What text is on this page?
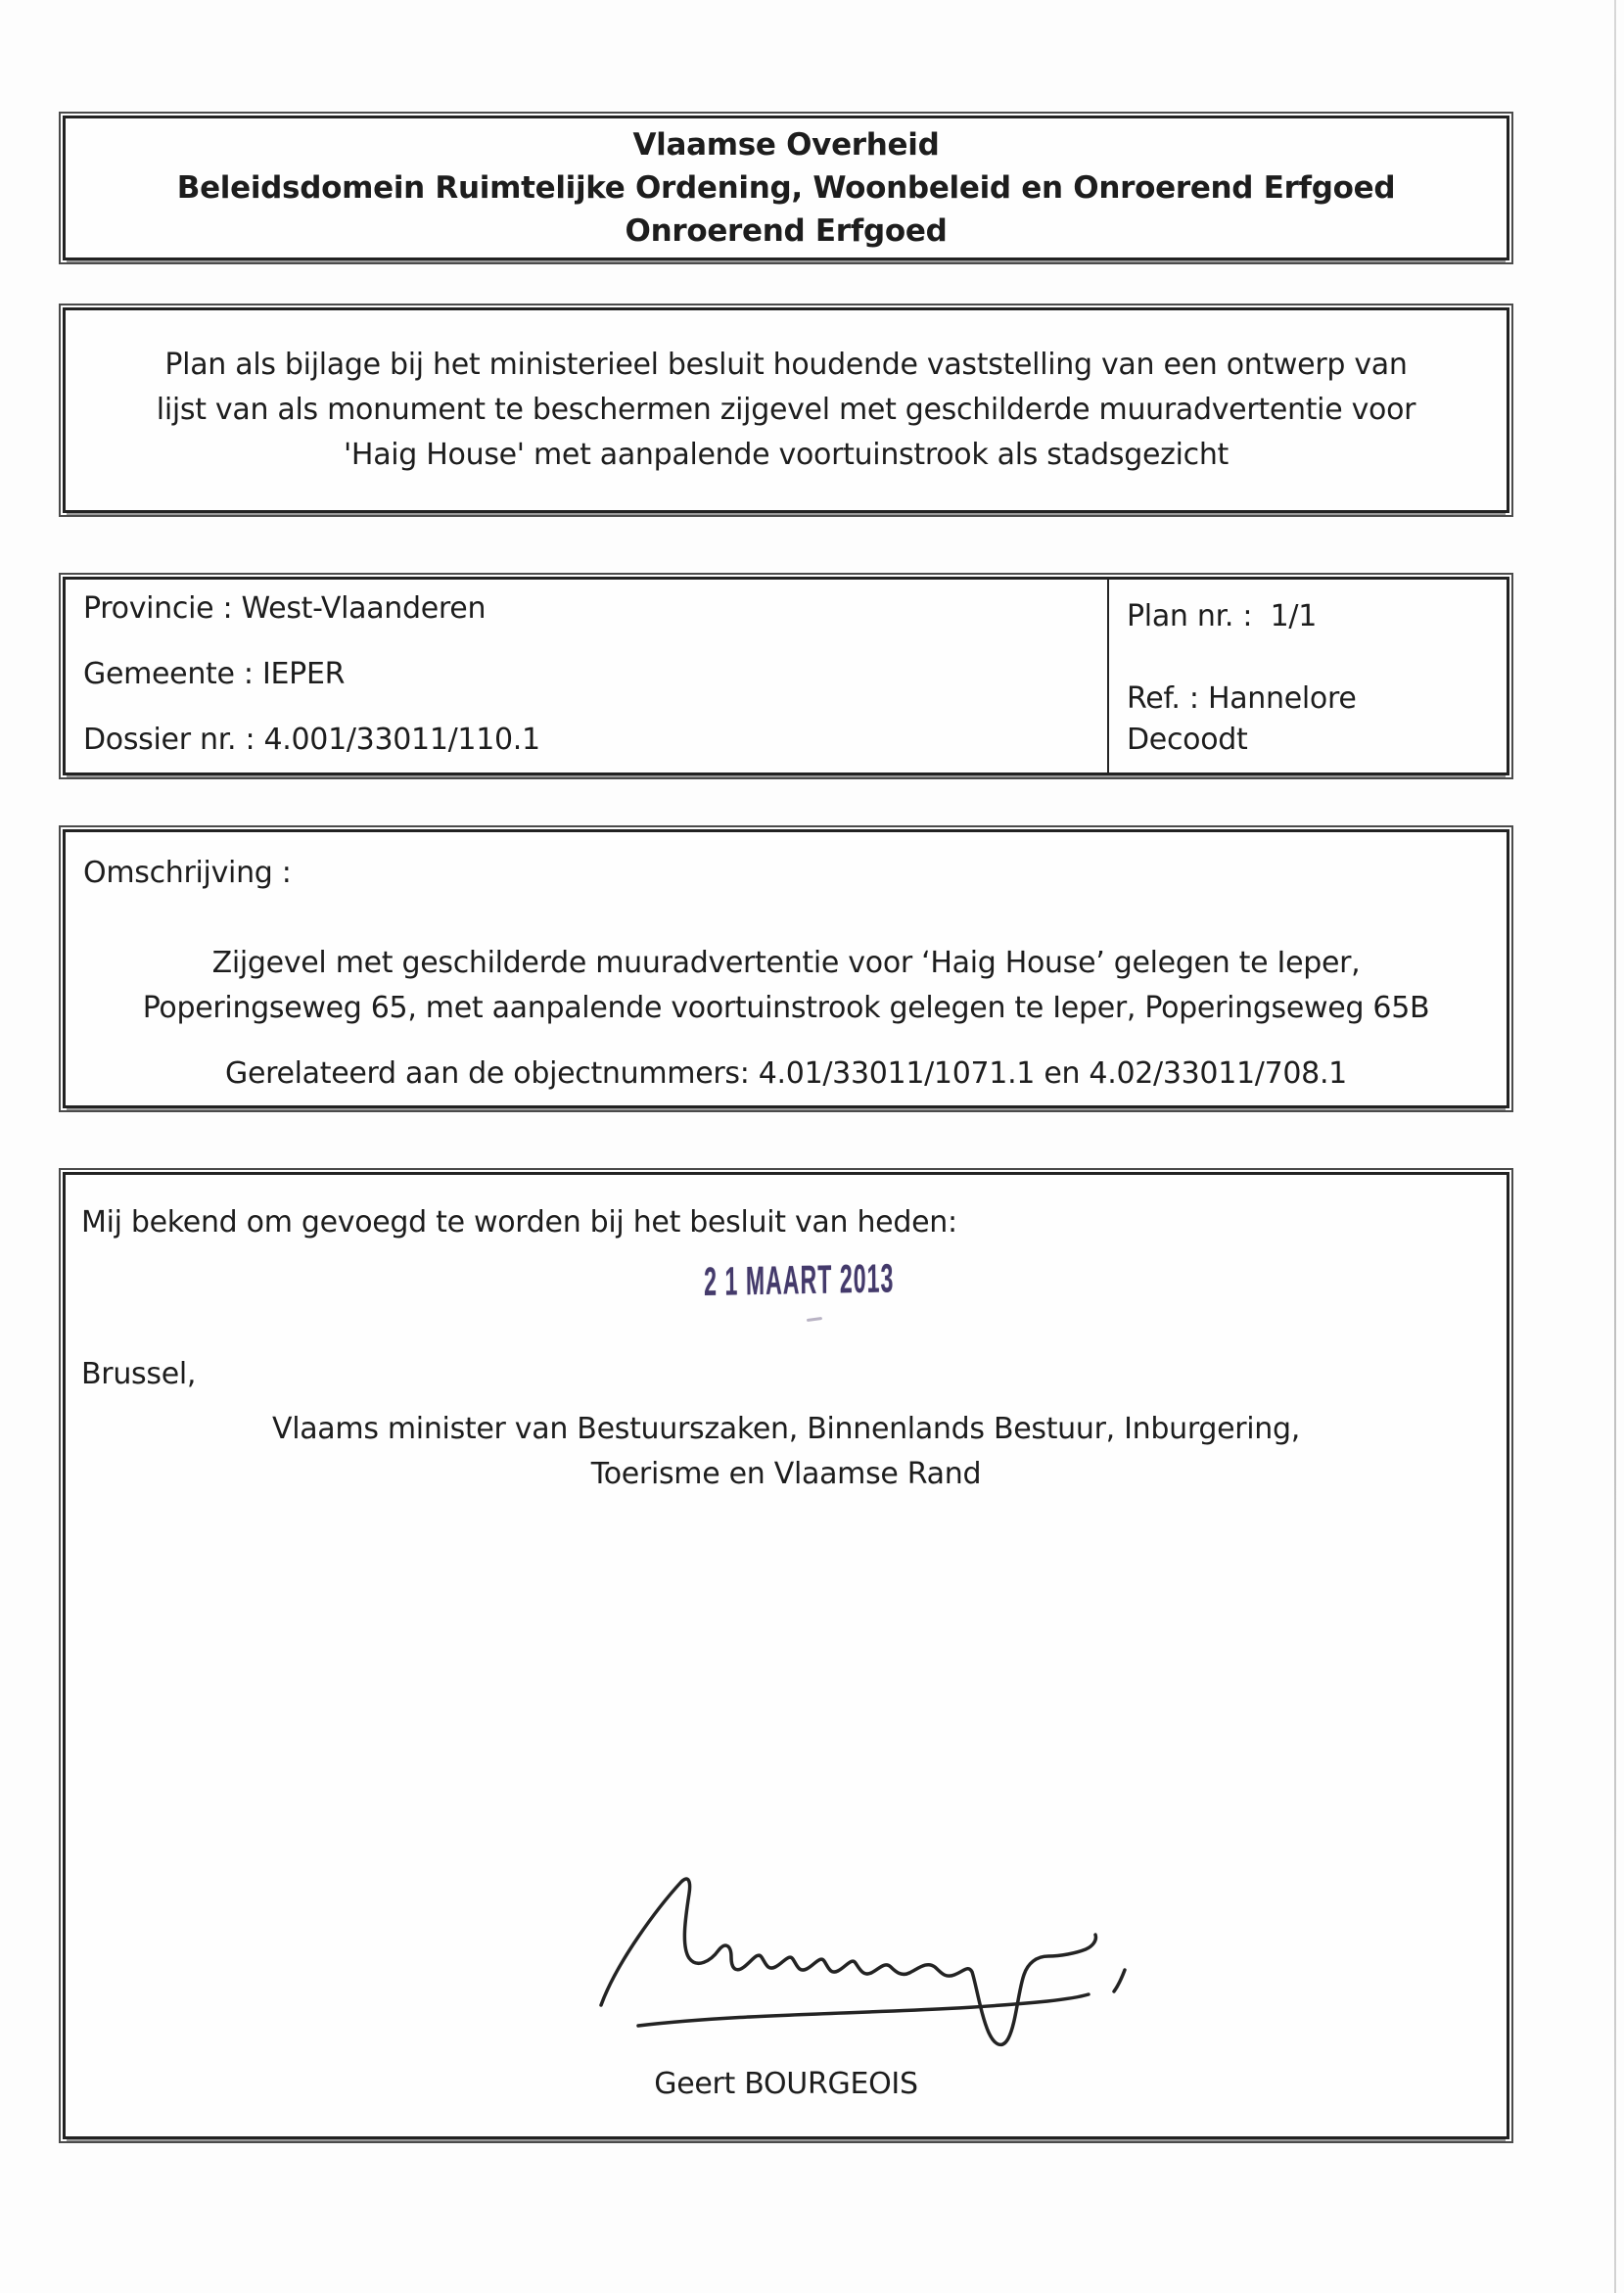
Vlaamse Overheid
Beleidsdomein Ruimtelijke Ordening, Woonbeleid en Onroerend Erfgoed
Onroerend Erfgoed
Plan als bijlage bij het ministerieel besluit houdende vaststelling van een ontwerp van
lijst van als monument te beschermen zijgevel met geschilderde muuradvertentie voor
'Haig House' met aanpalende voortuinstrook als stadsgezicht
Provincie : West-Vlaanderen
Gemeente : IEPER
Dossier nr. : 4.001/33011/110.1
Plan nr. :  1/1
Ref. : Hannelore Decoodt
Omschrijving :
Zijgevel met geschilderde muuradvertentie voor ‘Haig House’ gelegen te Ieper,
Poperingseweg 65, met aanpalende voortuinstrook gelegen te Ieper, Poperingseweg 65B
Gerelateerd aan de objectnummers: 4.01/33011/1071.1 en 4.02/33011/708.1
Mij bekend om gevoegd te worden bij het besluit van heden:
2 1 MAART 2013
Brussel,
Vlaams minister van Bestuurszaken, Binnenlands Bestuur, Inburgering,
Toerisme en Vlaamse Rand
Geert BOURGEOIS
